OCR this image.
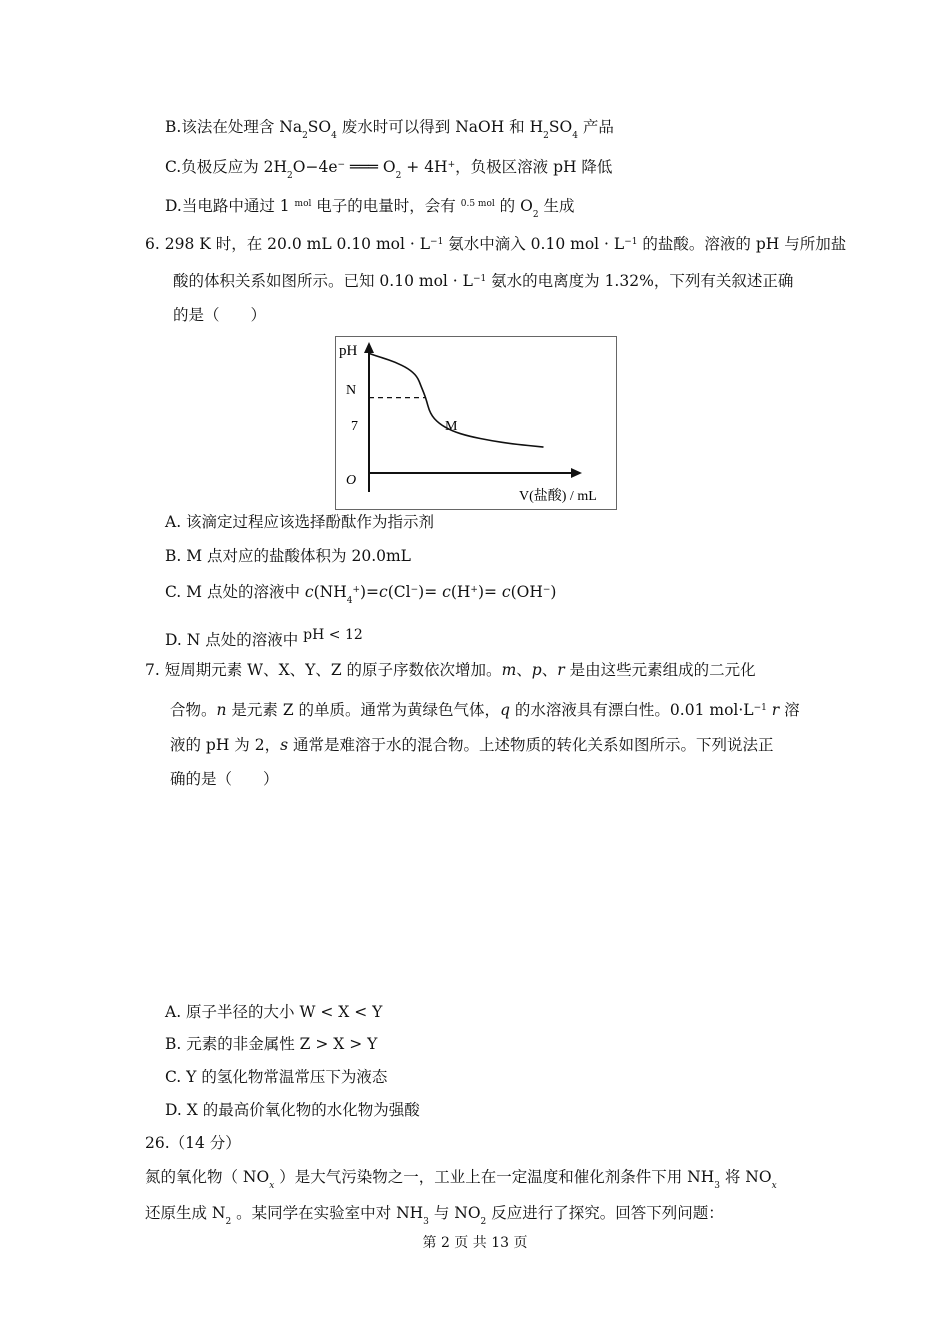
B.该法在处理含 $Na_2SO_4$ 废水时可以得到 NaOH 和 $H_2SO_4$ 产品
C.负极反应为 $2H_2O-4e^-$ ═══ $O_2 + 4H^+$，负极区溶液 pH 降低
D.当电路中通过 1 $^{mol}$ 电子的电量时，会有 $^{0.5 mol}$ 的 $O_2$ 生成
6. 298 K 时，在 20.0 mL 0.10 mol · $L^{-1}$ 氨水中滴入 0.10 mol · $L^{-1}$ 的盐酸。溶液的 pH 与所加盐
酸的体积关系如图所示。已知 0.10 mol · $L^{-1}$ 氨水的电离度为 1.32%，下列有关叙述正确
的是（　　）
pH
O
7
N
M
V(盐酸) / mL
A. 该滴定过程应该选择酚酞作为指示剂
B. M 点对应的盐酸体积为 20.0mL
C. M 点处的溶液中 $c(NH_4^+)=c(Cl^-)= c(H^+)= c(OH^-)$
D. N 点处的溶液中 $^{pH < 12}$
7. 短周期元素 W、X、Y、Z 的原子序数依次增加。m、p、r 是由这些元素组成的二元化
合物。n 是元素 Z 的单质。通常为黄绿色气体，q 的水溶液具有漂白性。0.01 $mol\cdot L^{-1}$ r 溶
液的 pH 为 2，s 通常是难溶于水的混合物。上述物质的转化关系如图所示。下列说法正
确的是（　　）
A. 原子半径的大小 W < X < Y
B. 元素的非金属性 Z > X > Y
C. Y 的氢化物常温常压下为液态
D. X 的最高价氧化物的水化物为强酸
26.（14 分）
氮的氧化物（ $NO_x$ ）是大气污染物之一，工业上在一定温度和催化剂条件下用 $NH_3$ 将 $NO_x$
还原生成 $N_2$ 。某同学在实验室中对 $NH_3$ 与 $NO_2$ 反应进行了探究。回答下列问题：
第 2 页 共 13 页
